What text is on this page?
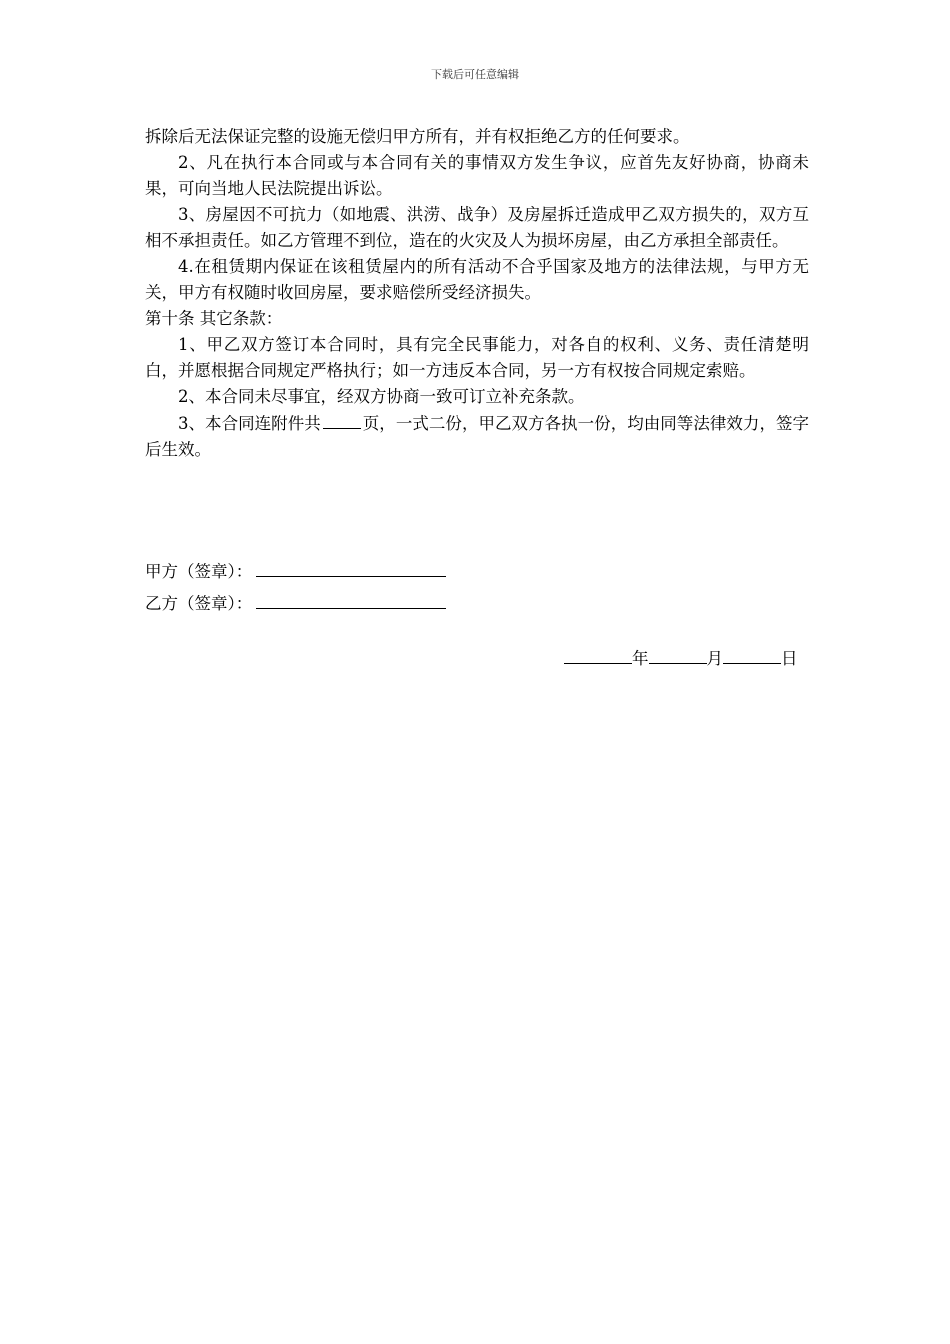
下载后可任意编辑

拆除后无法保证完整的设施无偿归甲方所有，并有权拒绝乙方的任何要求。

2、凡在执行本合同或与本合同有关的事情双方发生争议，应首先友好协商，协商未果，可向当地人民法院提出诉讼。

3、房屋因不可抗力（如地震、洪涝、战争）及房屋拆迁造成甲乙双方损失的，双方互相不承担责任。如乙方管理不到位，造在的火灾及人为损坏房屋，由乙方承担全部责任。

4.在租赁期内保证在该租赁屋内的所有活动不合乎国家及地方的法律法规，与甲方无关，甲方有权随时收回房屋，要求赔偿所受经济损失。

第十条 其它条款：

1、甲乙双方签订本合同时，具有完全民事能力，对各自的权利、义务、责任清楚明白，并愿根据合同规定严格执行；如一方违反本合同，另一方有权按合同规定索赔。

2、本合同未尽事宜，经双方协商一致可订立补充条款。

3、本合同连附件共	页，一式二份，甲乙双方各执一份，均由同等法律效力，签字后生效。

甲方（签章）：
乙方（签章）：
年	月	日
